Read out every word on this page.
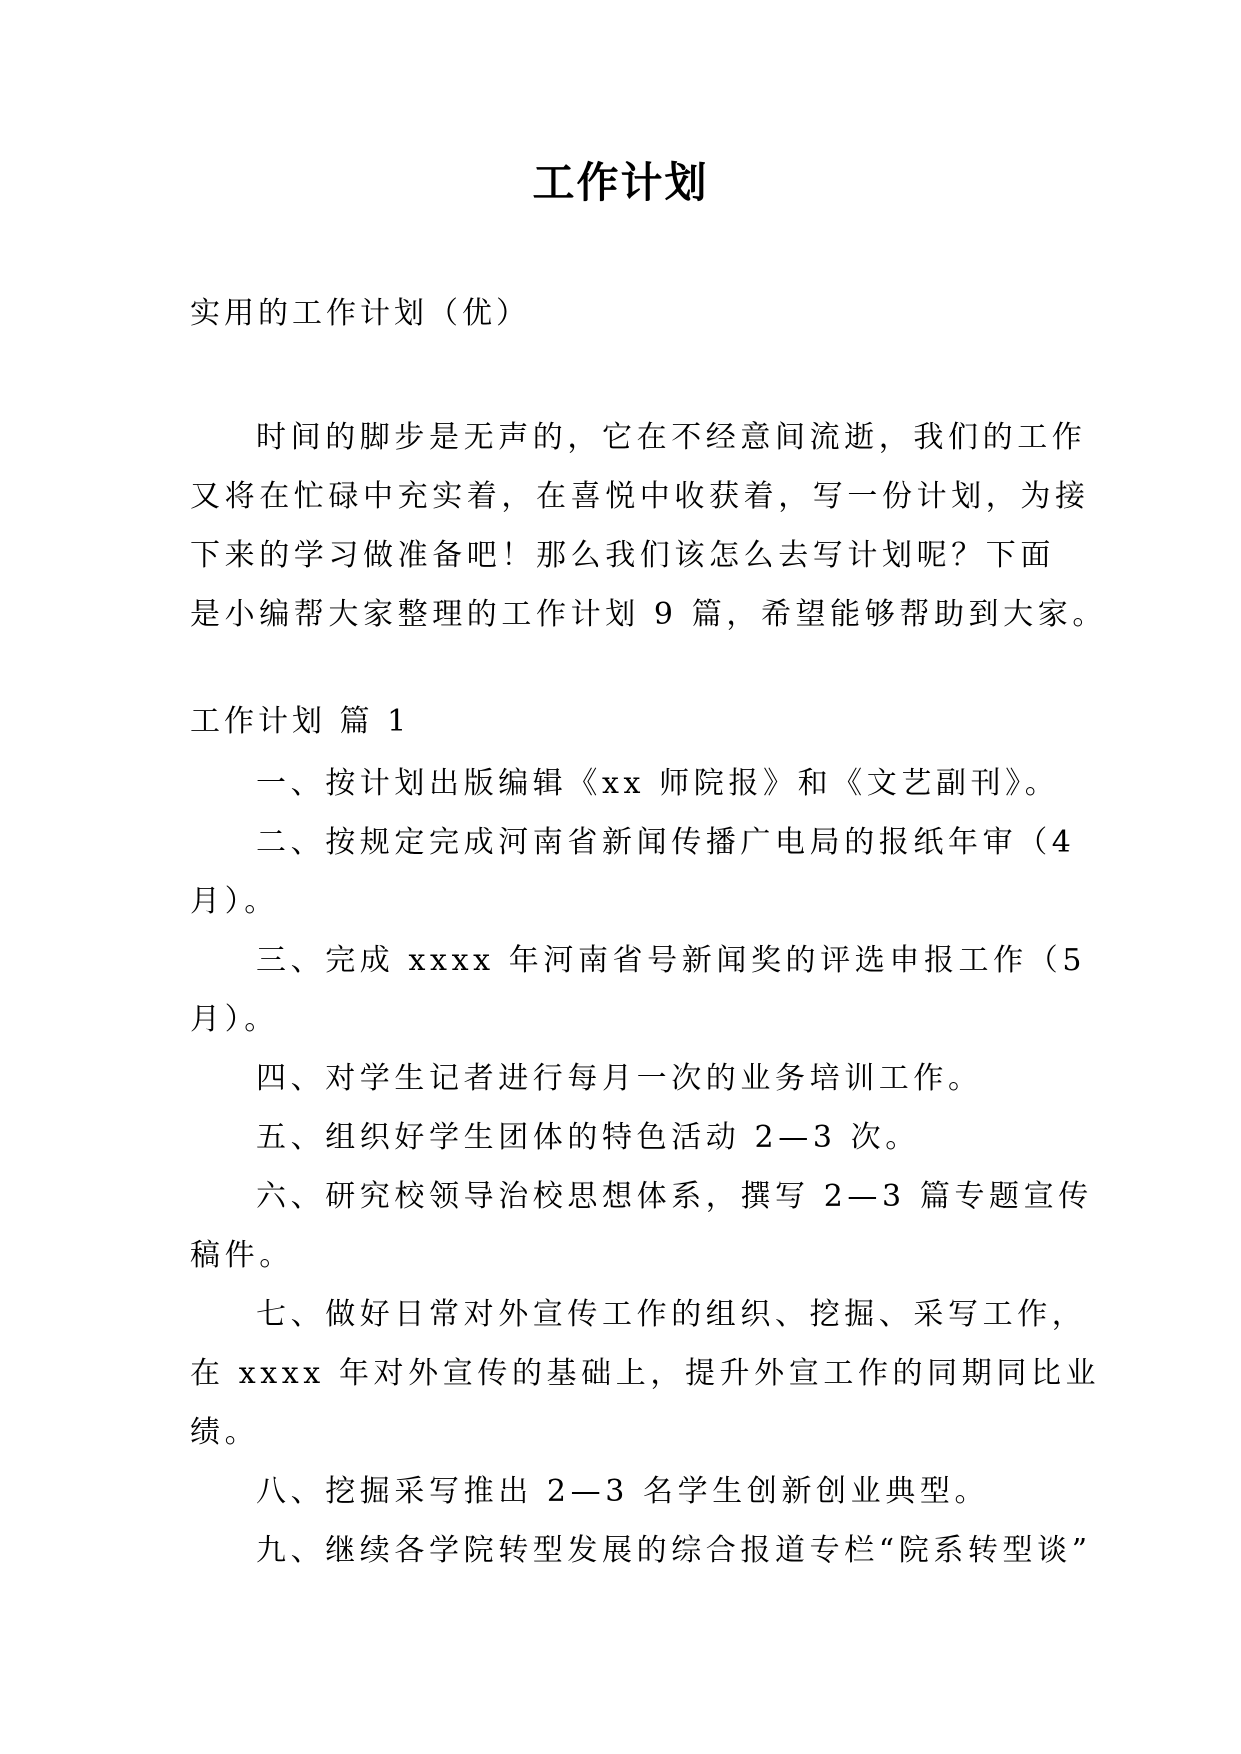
工作计划
实用的工作计划（优）
时间的脚步是无声的，它在不经意间流逝，我们的工作
又将在忙碌中充实着，在喜悦中收获着，写一份计划，为接
下来的学习做准备吧！那么我们该怎么去写计划呢？下面
是小编帮大家整理的工作计划 9 篇，希望能够帮助到大家。
工作计划 篇 1
一、按计划出版编辑《xx 师院报》和《文艺副刊》。
二、按规定完成河南省新闻传播广电局的报纸年审（4
月）。
三、完成 xxxx 年河南省号新闻奖的评选申报工作（5
月）。
四、对学生记者进行每月一次的业务培训工作。
五、组织好学生团体的特色活动 2—3 次。
六、研究校领导治校思想体系，撰写 2—3 篇专题宣传
稿件。
七、做好日常对外宣传工作的组织、挖掘、采写工作，
在 xxxx 年对外宣传的基础上，提升外宣工作的同期同比业
绩。
八、挖掘采写推出 2—3 名学生创新创业典型。
九、继续各学院转型发展的综合报道专栏“院系转型谈”
